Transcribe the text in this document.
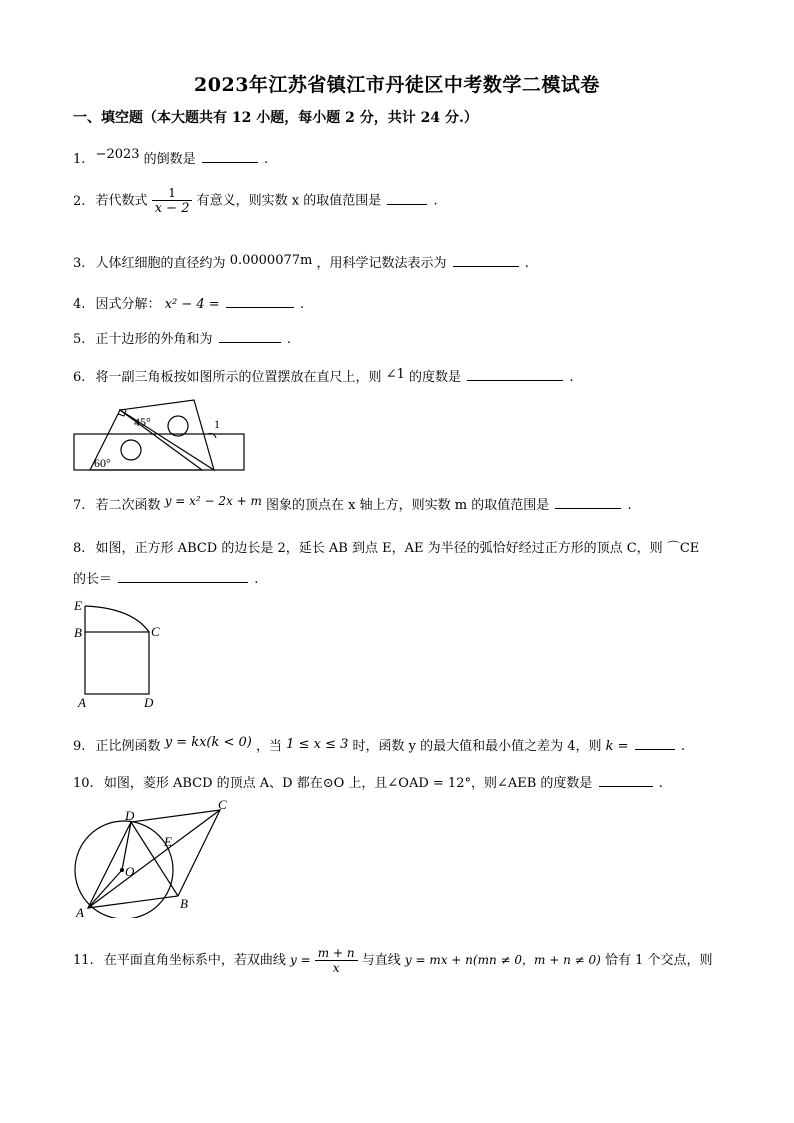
2023年江苏省镇江市丹徒区中考数学二模试卷
一、填空题（本大题共有 12 小题，每小题 2 分，共计 24 分.）
1. −2023 的倒数是	.
2. 若代数式 $\frac{1}{x - 2}$ 有意义，则实数 x 的取值范围是	.
3. 人体红细胞的直径约为 0.0000077m ，用科学记数法表示为	.
4. 因式分解： x² − 4 =	.
5. 正十边形的外角和为	.
6. 将一副三角板按如图所示的位置摆放在直尺上，则 ∠1 的度数是	.
45°
60°
1
7. 若二次函数 y = x² − 2x + m 图象的顶点在 x 轴上方，则实数 m 的取值范围是	.
8. 如图，正方形 ABCD 的边长是 2，延长 AB 到点 E，AE 为半径的弧恰好经过正方形的顶点 C，则 ⌒CE
的长＝	.
E
B	C
A	D
9. 正比例函数 y = kx(k < 0) ，当 1 ≤ x ≤ 3 时，函数 y 的最大值和最小值之差为 4，则 k =	.
10. 如图，菱形 ABCD 的顶点 A、D 都在⊙O 上，且∠OAD = 12°，则∠AEB 的度数是	.
A
B
C
D
E
O
11. 在平面直角坐标系中，若双曲线 $y = \frac{m + n}{x}$ 与直线 y = mx + n(mn ≠ 0，m + n ≠ 0) 恰有 1 个交点，则
